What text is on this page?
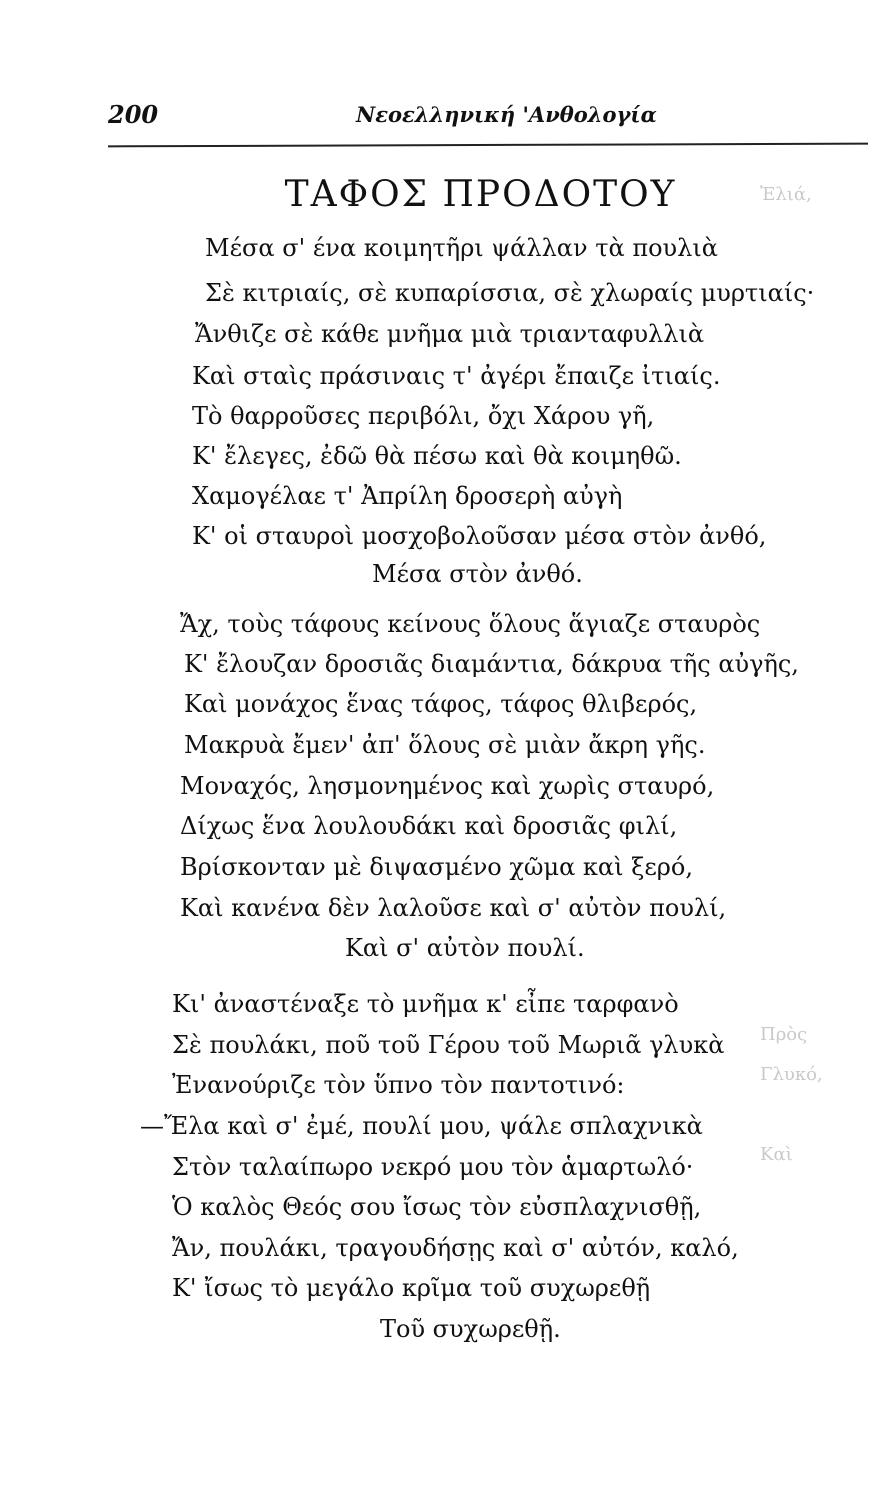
200	Νεοελληνική 'Ανθολογία
ΤΑΦΟΣ ΠΡΟΔΟΤΟΥ
Μέσα σ' ένα κοιμητῆρι ψάλλαν τὰ πουλιὰ
Σὲ κιτριαίς, σὲ κυπαρίσσια, σὲ χλωραίς μυρτιαίς·
Ἄνθιζε σὲ κάθε μνῆμα μιὰ τριανταφυλλιὰ
Καὶ σταὶς πράσιναις τ' ἀγέρι ἔπαιζε ἰτιαίς.
Τὸ θαρροῦσες περιβόλι, ὄχι Χάρου γῆ,
Κ' ἔλεγες, ἐδῶ θὰ πέσω καὶ θὰ κοιμηθῶ.
Χαμογέλαε τ' Ἀπρίλη δροσερὴ αὐγὴ
Κ' οἱ σταυροὶ μοσχοβολοῦσαν μέσα στὸν ἀνθό,
Μέσα στὸν ἀνθό.
Ἄχ, τοὺς τάφους κείνους ὅλους ἅγιαζε σταυρὸς
Κ' ἔλουζαν δροσιᾶς διαμάντια, δάκρυα τῆς αὐγῆς,
Καὶ μονάχος ἕνας τάφος, τάφος θλιβερός,
Μακρυὰ ἔμεν' ἀπ' ὅλους σὲ μιὰν ἄκρη γῆς.
Μοναχός, λησμονημένος καὶ χωρὶς σταυρό,
Δίχως ἕνα λουλουδάκι καὶ δροσιᾶς φιλί,
Βρίσκονταν μὲ διψασμένο χῶμα καὶ ξερό,
Καὶ κανένα δὲν λαλοῦσε καὶ σ' αὐτὸν πουλί,
Καὶ σ' αὐτὸν πουλί.
Κι' ἀναστέναξε τὸ μνῆμα κ' εἶπε ταρφανὸ
Σὲ πουλάκι, ποῦ τοῦ Γέρου τοῦ Μωριᾶ γλυκὰ
Ἐνανούριζε τὸν ὕπνο τὸν παντοτινό:
—Ἔλα καὶ σ' ἐμέ, πουλί μου, ψάλε σπλαχνικὰ
Στὸν ταλαίπωρο νεκρό μου τὸν ἁμαρτωλό·
Ὁ καλὸς Θεός σου ἴσως τὸν εὐσπλαχνισθῇ,
Ἄν, πουλάκι, τραγουδήσῃς καὶ σ' αὐτόν, καλό,
Κ' ἴσως τὸ μεγάλο κρῖμα τοῦ συχωρεθῇ
Τοῦ συχωρεθῇ.
Ἐλιά,
Πρὸς
Γλυκό,
Καὶ
